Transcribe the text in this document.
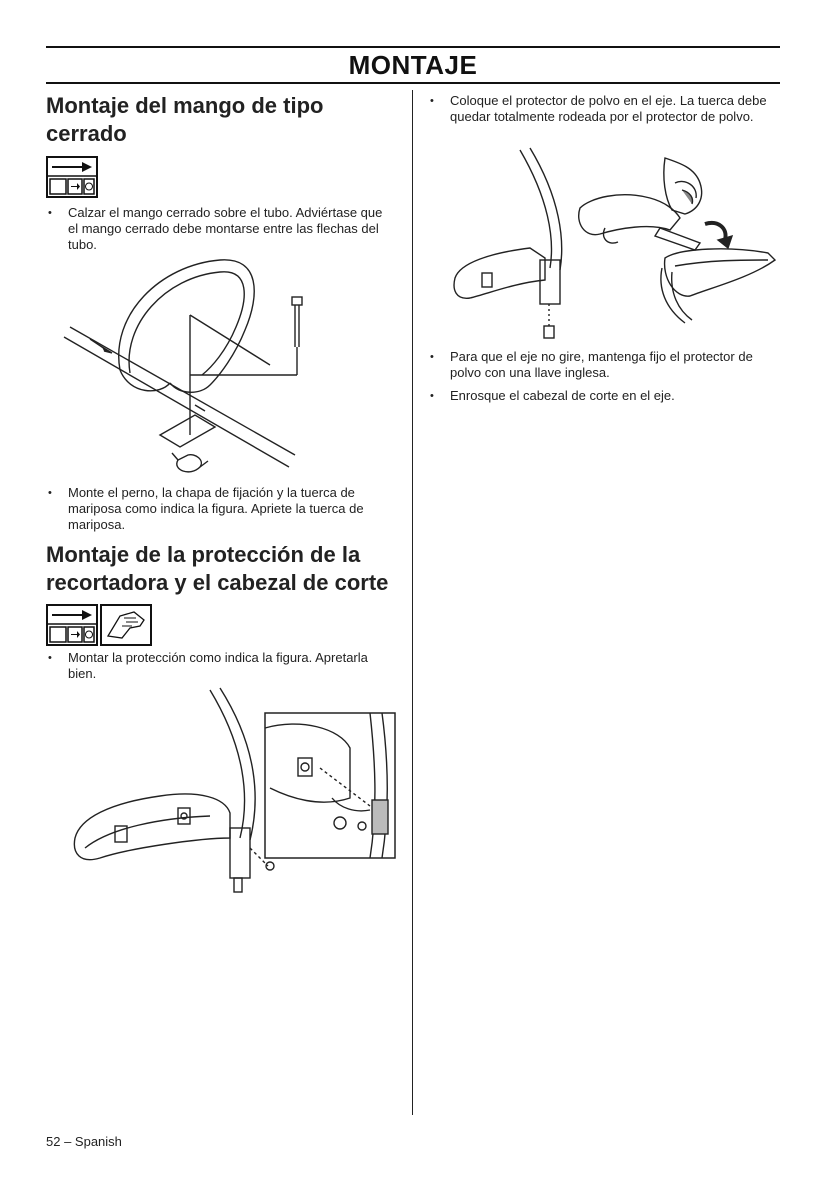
MONTAJE
Montaje del mango de tipo cerrado
• Calzar el mango cerrado sobre el tubo. Adviértase que el mango cerrado debe montarse entre las flechas del tubo.
• Monte el perno, la chapa de fijación y la tuerca de mariposa como indica la figura. Apriete la tuerca de mariposa.
Montaje de la protección de la recortadora y el cabezal de corte
• Montar la protección como indica la figura. Apretarla bien.
• Coloque el protector de polvo en el eje. La tuerca debe quedar totalmente rodeada por el protector de polvo.
• Para que el eje no gire, mantenga fijo el protector de polvo con una llave inglesa.
• Enrosque el cabezal de corte en el eje.
52 – Spanish
